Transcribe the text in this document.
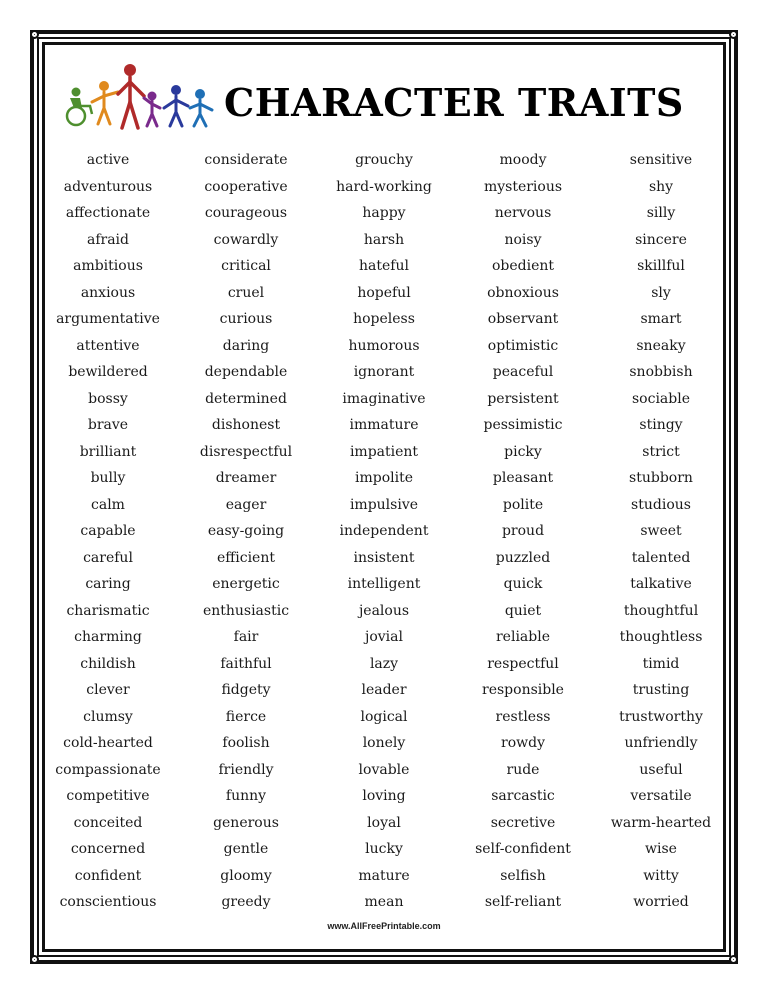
CHARACTER TRAITS
active
adventurous
affectionate
afraid
ambitious
anxious
argumentative
attentive
bewildered
bossy
brave
brilliant
bully
calm
capable
careful
caring
charismatic
charming
childish
clever
clumsy
cold-hearted
compassionate
competitive
conceited
concerned
confident
conscientious
considerate
cooperative
courageous
cowardly
critical
cruel
curious
daring
dependable
determined
dishonest
disrespectful
dreamer
eager
easy-going
efficient
energetic
enthusiastic
fair
faithful
fidgety
fierce
foolish
friendly
funny
generous
gentle
gloomy
greedy
grouchy
hard-working
happy
harsh
hateful
hopeful
hopeless
humorous
ignorant
imaginative
immature
impatient
impolite
impulsive
independent
insistent
intelligent
jealous
jovial
lazy
leader
logical
lonely
lovable
loving
loyal
lucky
mature
mean
moody
mysterious
nervous
noisy
obedient
obnoxious
observant
optimistic
peaceful
persistent
pessimistic
picky
pleasant
polite
proud
puzzled
quick
quiet
reliable
respectful
responsible
restless
rowdy
rude
sarcastic
secretive
self-confident
selfish
self-reliant
sensitive
shy
silly
sincere
skillful
sly
smart
sneaky
snobbish
sociable
stingy
strict
stubborn
studious
sweet
talented
talkative
thoughtful
thoughtless
timid
trusting
trustworthy
unfriendly
useful
versatile
warm-hearted
wise
witty
worried
www.AllFreePrintable.com
